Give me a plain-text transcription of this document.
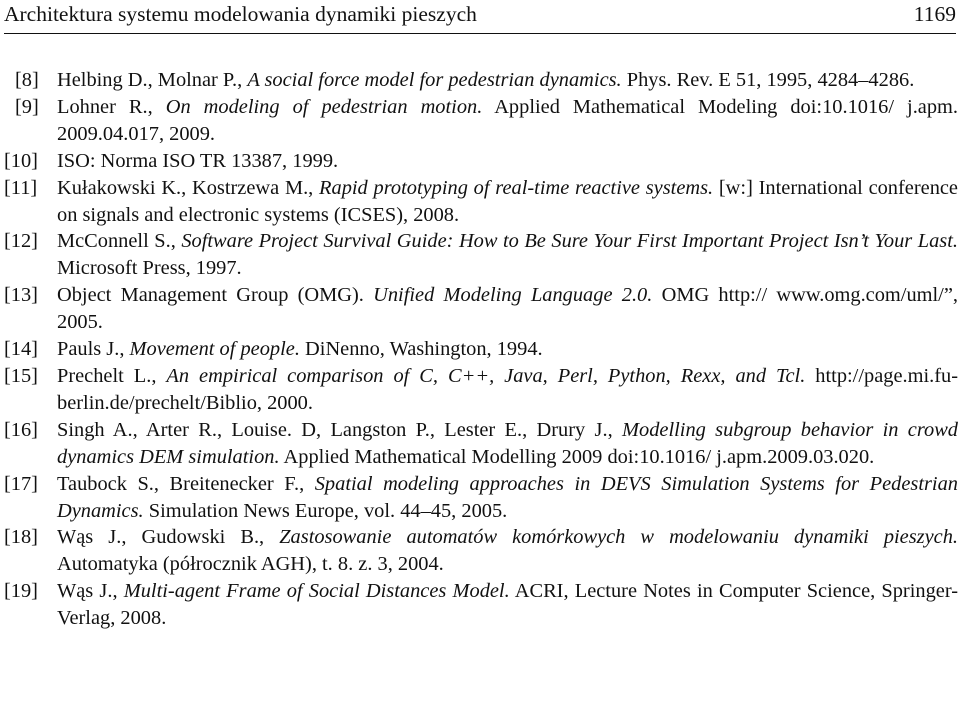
Architektura systemu modelowania dynamiki pieszych	1169
[8] Helbing D., Molnar P., A social force model for pedestrian dynamics. Phys. Rev. E 51, 1995, 4284–4286.
[9] Lohner R., On modeling of pedestrian motion. Applied Mathematical Modeling doi:10.1016/ j.apm. 2009.04.017, 2009.
[10] ISO: Norma ISO TR 13387, 1999.
[11] Kułakowski K., Kostrzewa M., Rapid prototyping of real-time reactive systems. [w:] International conference on signals and electronic systems (ICSES), 2008.
[12] McConnell S., Software Project Survival Guide: How to Be Sure Your First Important Project Isn’t Your Last. Microsoft Press, 1997.
[13] Object Management Group (OMG). Unified Modeling Language 2.0. OMG http:// www.omg.com/uml/”, 2005.
[14] Pauls J., Movement of people. DiNenno, Washington, 1994.
[15] Prechelt L., An empirical comparison of C, C++, Java, Perl, Python, Rexx, and Tcl. http://page.mi.fu-berlin.de/prechelt/Biblio, 2000.
[16] Singh A., Arter R., Louise. D, Langston P., Lester E., Drury J., Modelling subgroup behavior in crowd dynamics DEM simulation. Applied Mathematical Modelling 2009 doi:10.1016/ j.apm.2009.03.020.
[17] Taubock S., Breitenecker F., Spatial modeling approaches in DEVS Simulation Systems for Pedestrian Dynamics. Simulation News Europe, vol. 44–45, 2005.
[18] Wąs J., Gudowski B., Zastosowanie automatów komórkowych w modelowaniu dynamiki pieszych. Automatyka (półrocznik AGH), t. 8. z. 3, 2004.
[19] Wąs J., Multi-agent Frame of Social Distances Model. ACRI, Lecture Notes in Computer Science, Springer-Verlag, 2008.
